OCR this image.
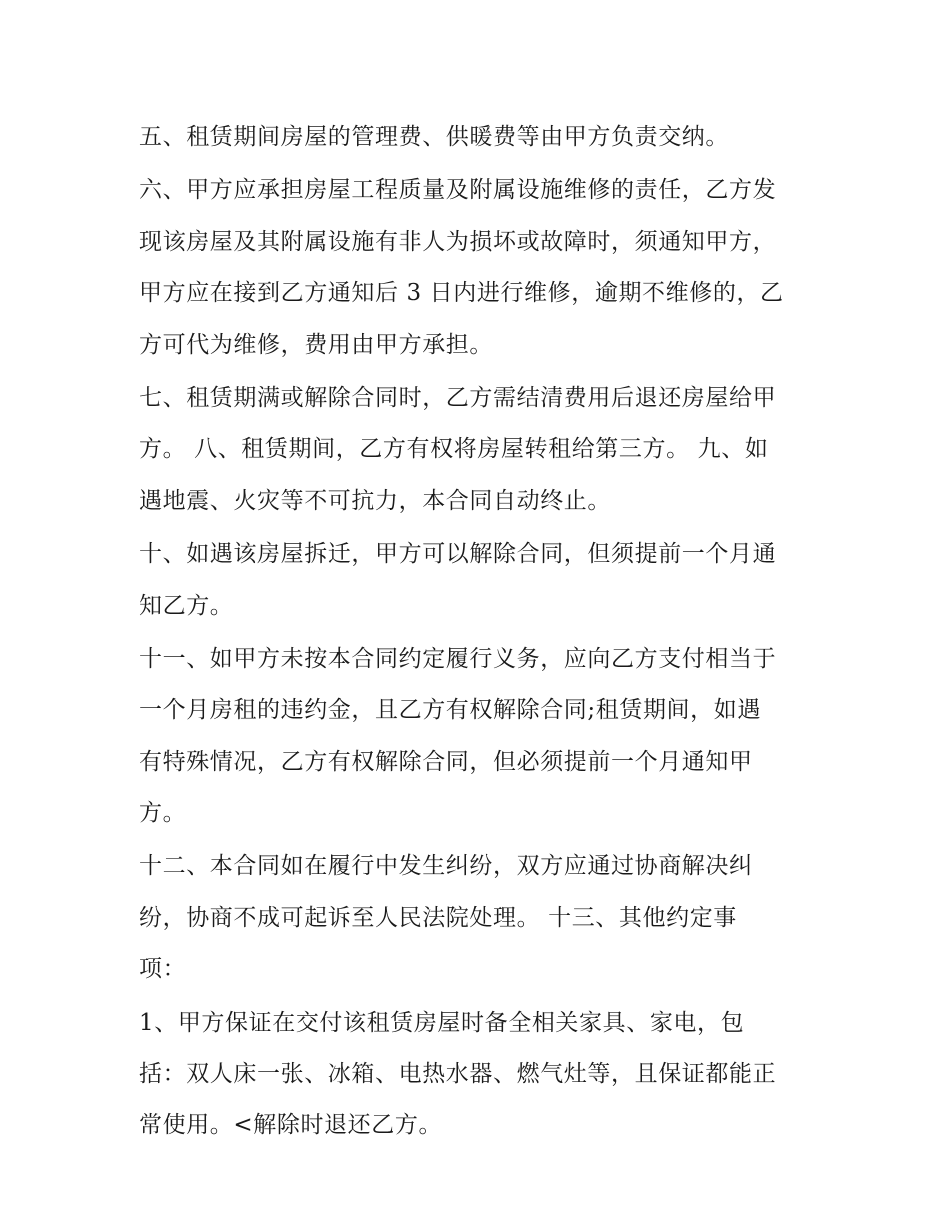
五、租赁期间房屋的管理费、供暖费等由甲方负责交纳。

六、甲方应承担房屋工程质量及附属设施维修的责任，乙方发
现该房屋及其附属设施有非人为损坏或故障时，须通知甲方，
甲方应在接到乙方通知后 3 日内进行维修，逾期不维修的，乙
方可代为维修，费用由甲方承担。

七、租赁期满或解除合同时，乙方需结清费用后退还房屋给甲
方。 八、租赁期间，乙方有权将房屋转租给第三方。 九、如
遇地震、火灾等不可抗力，本合同自动终止。

十、如遇该房屋拆迁，甲方可以解除合同，但须提前一个月通
知乙方。

十一、如甲方未按本合同约定履行义务，应向乙方支付相当于
一个月房租的违约金，且乙方有权解除合同;租赁期间，如遇
有特殊情况，乙方有权解除合同，但必须提前一个月通知甲
方。

十二、本合同如在履行中发生纠纷，双方应通过协商解决纠
纷，协商不成可起诉至人民法院处理。 十三、其他约定事
项：

1、甲方保证在交付该租赁房屋时备全相关家具、家电，包
括：双人床一张、冰箱、电热水器、燃气灶等，且保证都能正
常使用。<解除时退还乙方。
